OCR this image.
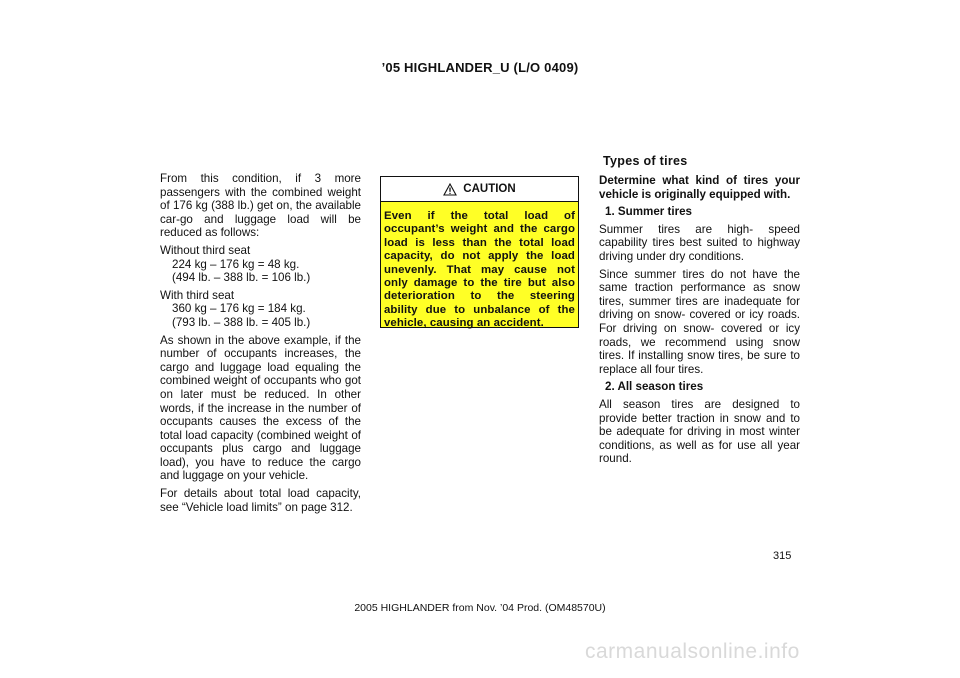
’05 HIGHLANDER_U (L/O 0409)

From this condition, if 3 more passengers with the combined weight of 176 kg (388 lb.) get on, the available car-go and luggage load will be reduced as follows:

Without third seat

224 kg – 176 kg = 48 kg.

(494 lb. – 388 lb. = 106 lb.)

With third seat

360 kg – 176 kg = 184 kg.

(793 lb. – 388 lb. = 405 lb.)

As shown in the above example, if the number of occupants increases, the cargo and luggage load equaling the combined weight of occupants who got on later must be reduced. In other words, if the increase in the number of occupants causes the excess of the total load capacity (combined weight of occupants plus cargo and luggage load), you have to reduce the cargo and luggage on your vehicle.

For details about total load capacity, see “Vehicle load limits” on page 312.

CAUTION
Even if the total load of occupant’s weight and the cargo load is less than the total load capacity, do not apply the load unevenly. That may cause not only damage to the tire but also deterioration to the steering ability due to unbalance of the vehicle, causing an accident.
Types of tires

Determine what kind of tires your vehicle is originally equipped with.

1. Summer tires

Summer tires are high- speed capability tires best suited to highway driving under dry conditions.

Since summer tires do not have the same traction performance as snow tires, summer tires are inadequate for driving on snow- covered or icy roads. For driving on snow- covered or icy roads, we recommend using snow tires. If installing snow tires, be sure to replace all four tires.

2. All season tires

All season tires are designed to provide better traction in snow and to be adequate for driving in most winter conditions, as well as for use all year round.

315
2005 HIGHLANDER from Nov. ’04 Prod. (OM48570U)
carmanualsonline.info
